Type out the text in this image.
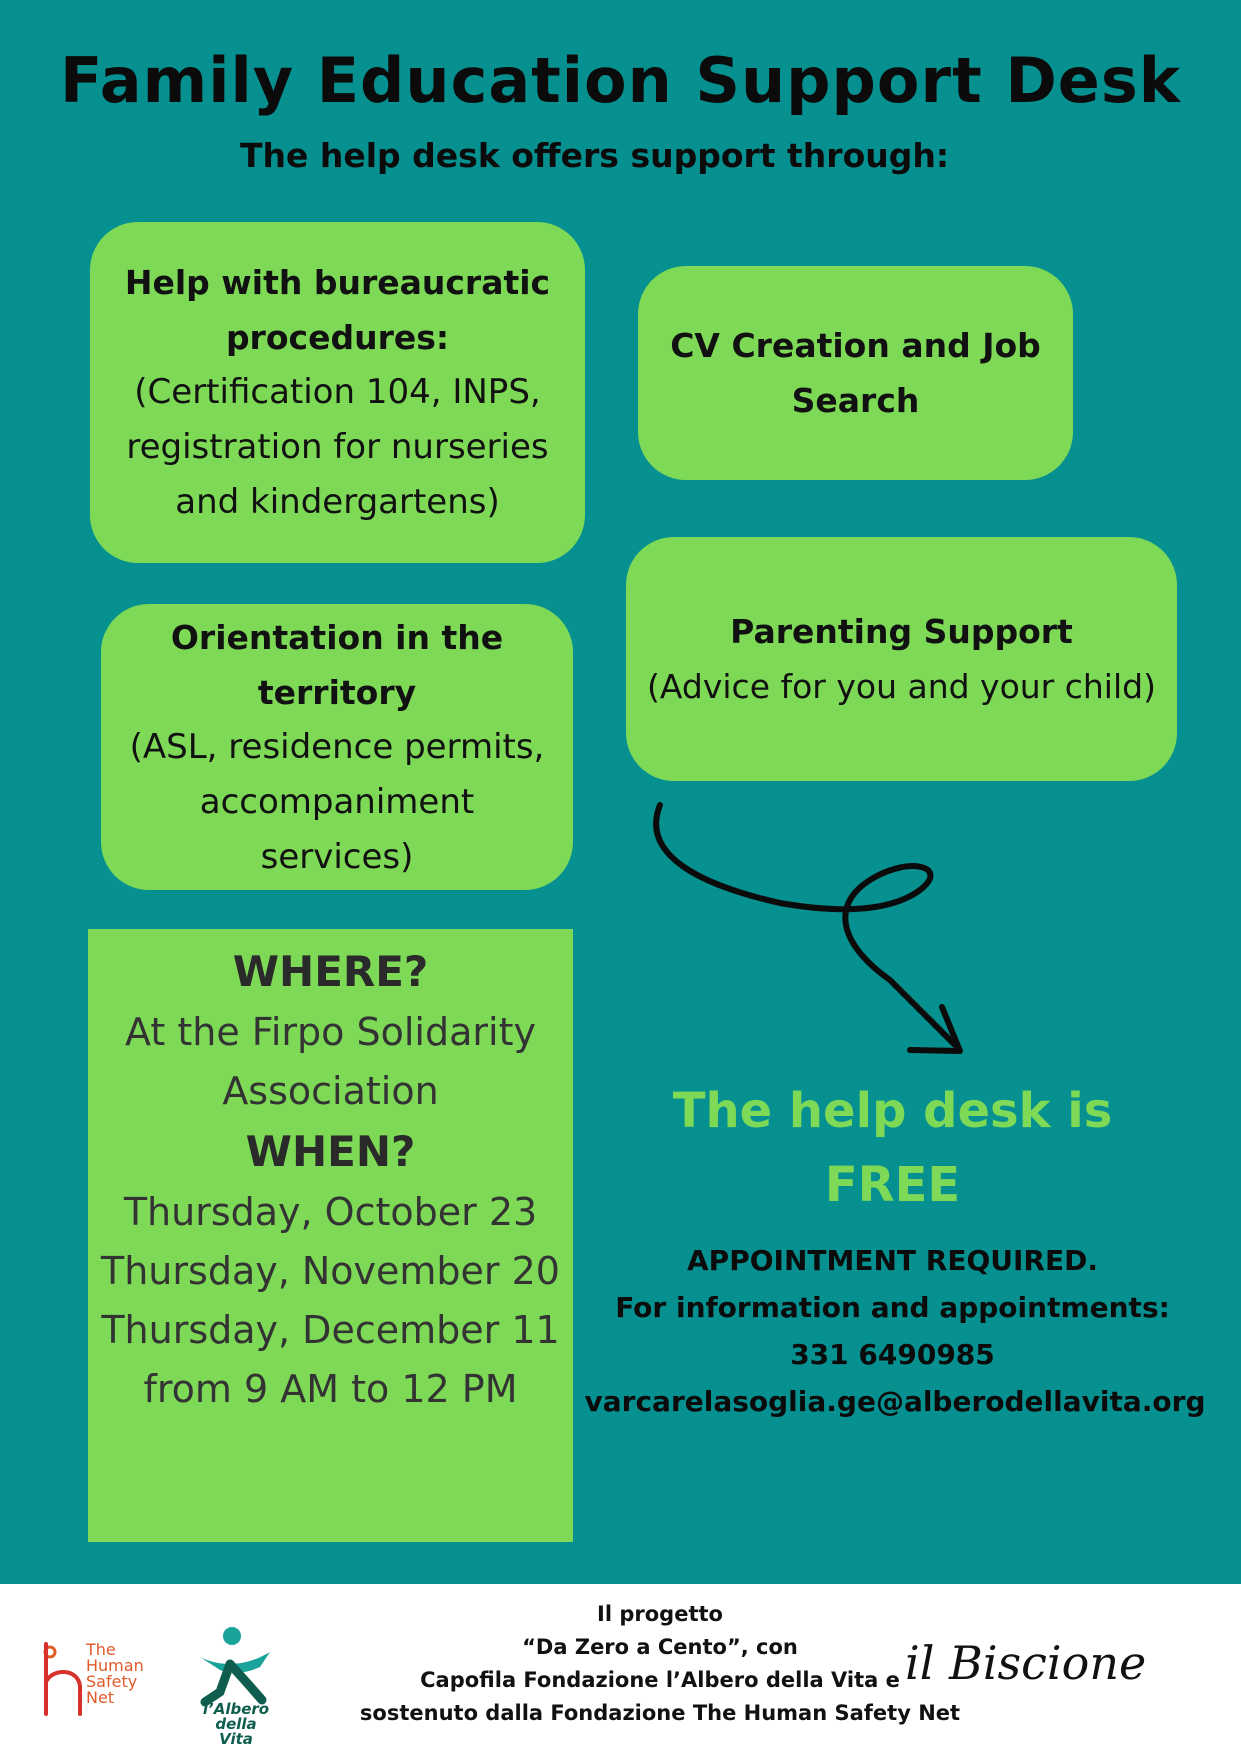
Family Education Support Desk
The help desk offers support through:
Help with bureaucratic
procedures:
(Certification 104, INPS,
registration for nurseries
and kindergartens)
CV Creation and Job
Search
Orientation in the
territory
(ASL, residence permits,
accompaniment services)
Parenting Support
(Advice for you and your child)
WHERE?
At the Firpo Solidarity
Association
WHEN?
Thursday, October 23
Thursday, November 20
Thursday, December 11
from 9 AM to 12 PM
The help desk is
FREE
APPOINTMENT REQUIRED.
For information and appointments:
331 6490985
varcarelasoglia.ge@alberodellavita.org
The
Human
Safety
Net
l’Albero
della Vita
Il progetto
“Da Zero a Cento”, con
Capofila Fondazione l’Albero della Vita e
sostenuto dalla Fondazione The Human Safety Net
il Biscione
